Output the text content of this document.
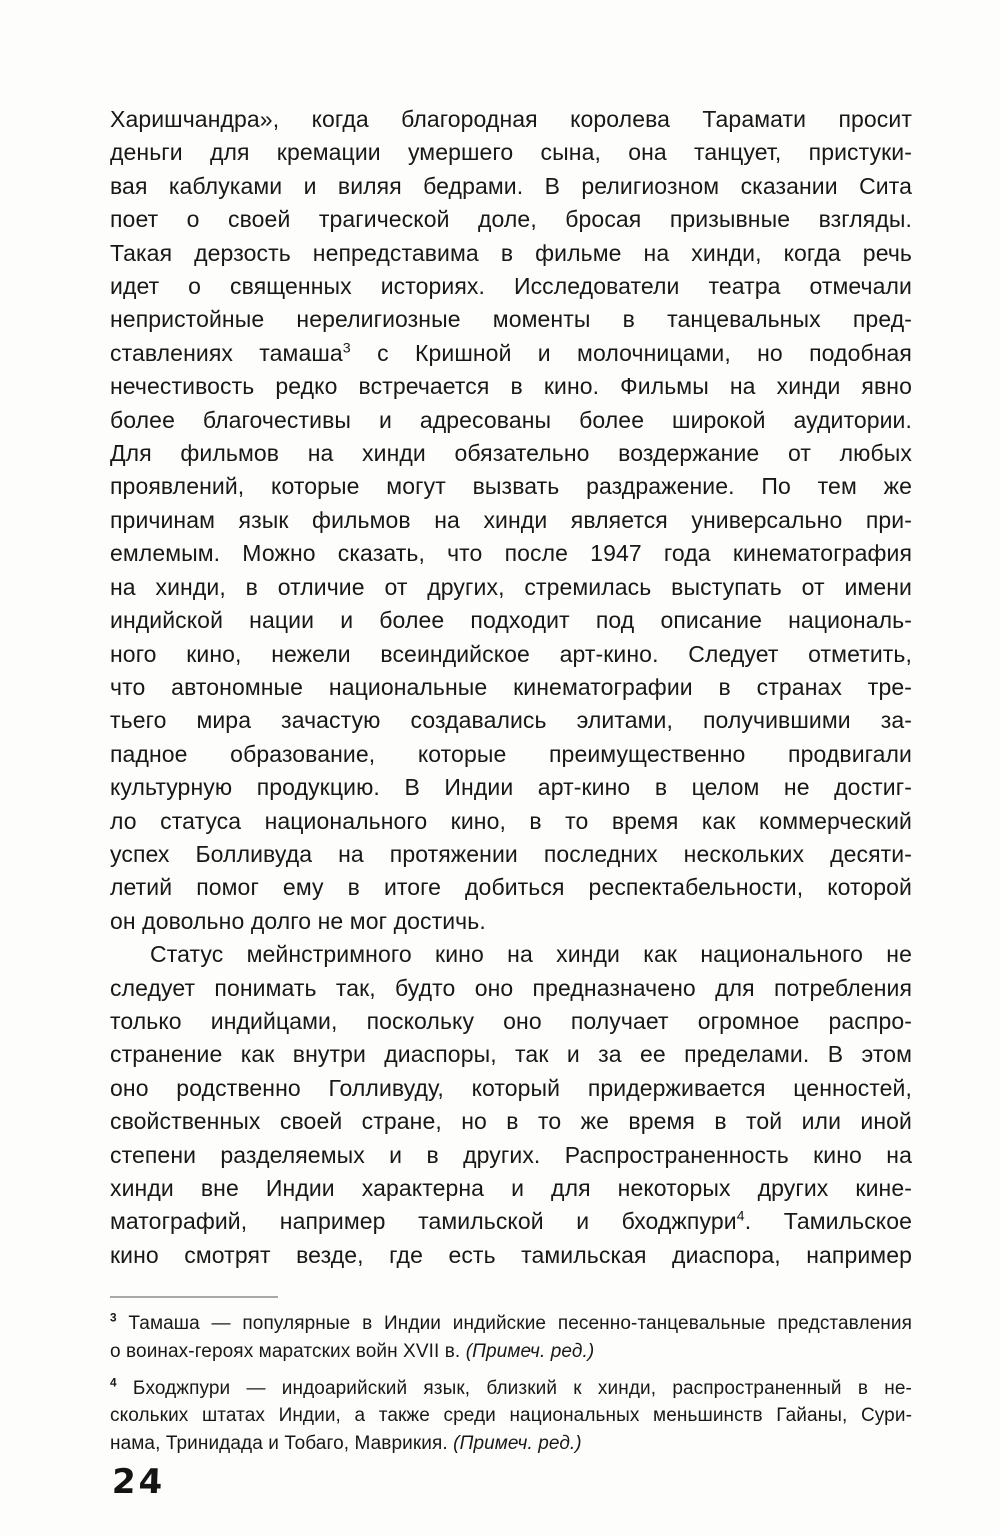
Харишчандра», когда благородная королева Тарамати просит
деньги для кремации умершего сына, она танцует, пристуки-
вая каблуками и виляя бедрами. В религиозном сказании Сита
поет о своей трагической доле, бросая призывные взгляды.
Такая дерзость непредставима в фильме на хинди, когда речь
идет о священных историях. Исследователи театра отмечали
непристойные нерелигиозные моменты в танцевальных пред-
ставлениях тамаша$^3$ с Кришной и молочницами, но подобная
нечестивость редко встречается в кино. Фильмы на хинди явно
более благочестивы и адресованы более широкой аудитории.
Для фильмов на хинди обязательно воздержание от любых
проявлений, которые могут вызвать раздражение. По тем же
причинам язык фильмов на хинди является универсально при-
емлемым. Можно сказать, что после 1947 года кинематография
на хинди, в отличие от других, стремилась выступать от имени
индийской нации и более подходит под описание националь-
ного кино, нежели всеиндийское арт-кино. Следует отметить,
что автономные национальные кинематографии в странах тре-
тьего мира зачастую создавались элитами, получившими за-
падное образование, которые преимущественно продвигали
культурную продукцию. В Индии арт-кино в целом не достиг-
ло статуса национального кино, в то время как коммерческий
успех Болливуда на протяжении последних нескольких десяти-
летий помог ему в итоге добиться респектабельности, которой
он довольно долго не мог достичь.
Статус мейнстримного кино на хинди как национального не
следует понимать так, будто оно предназначено для потребления
только индийцами, поскольку оно получает огромное распро-
странение как внутри диаспоры, так и за ее пределами. В этом
оно родственно Голливуду, который придерживается ценностей,
свойственных своей стране, но в то же время в той или иной
степени разделяемых и в других. Распространенность кино на
хинди вне Индии характерна и для некоторых других кине-
матографий, например тамильской и бходжпури$^4$. Тамильское
кино смотрят везде, где есть тамильская диаспора, например
$^3$ Тамаша — популярные в Индии индийские песенно-танцевальные представления
о воинах-героях маратских войн XVII в. (Примеч. ред.)
$^4$ Бходжпури — индоарийский язык, близкий к хинди, распространенный в не-
скольких штатах Индии, а также среди национальных меньшинств Гайаны, Сури-
нама, Тринидада и Тобаго, Маврикия. (Примеч. ред.)
24
